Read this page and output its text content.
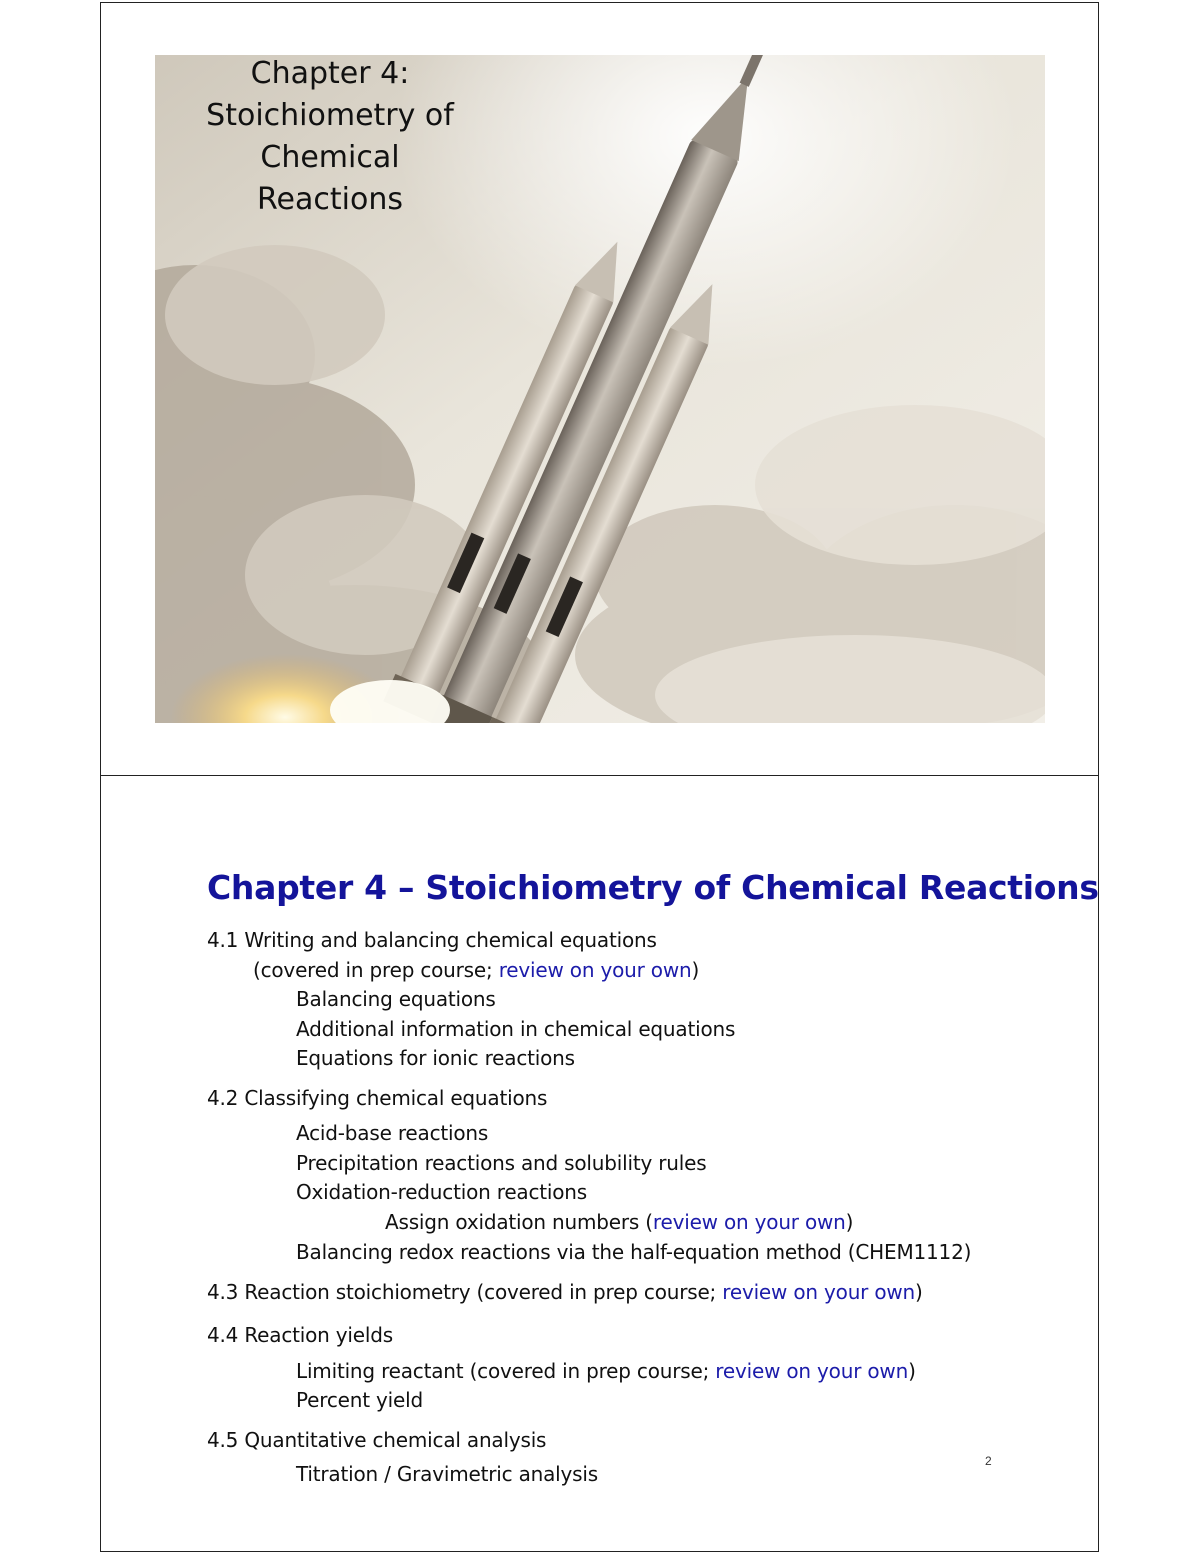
Chapter 4:
Stoichiometry of Chemical
Reactions
Chapter 4 – Stoichiometry of Chemical Reactions
4.1 Writing and balancing chemical equations
(covered in prep course; review on your own)
Balancing equations
Additional information in chemical equations
Equations for ionic reactions
4.2 Classifying chemical equations
Acid-base reactions
Precipitation reactions and solubility rules
Oxidation-reduction reactions
Assign oxidation numbers (review on your own)
Balancing redox reactions via the half-equation method (CHEM1112)
4.3 Reaction stoichiometry (covered in prep course; review on your own)
4.4 Reaction yields
Limiting reactant (covered in prep course; review on your own)
Percent yield
4.5 Quantitative chemical analysis
Titration / Gravimetric analysis
2
